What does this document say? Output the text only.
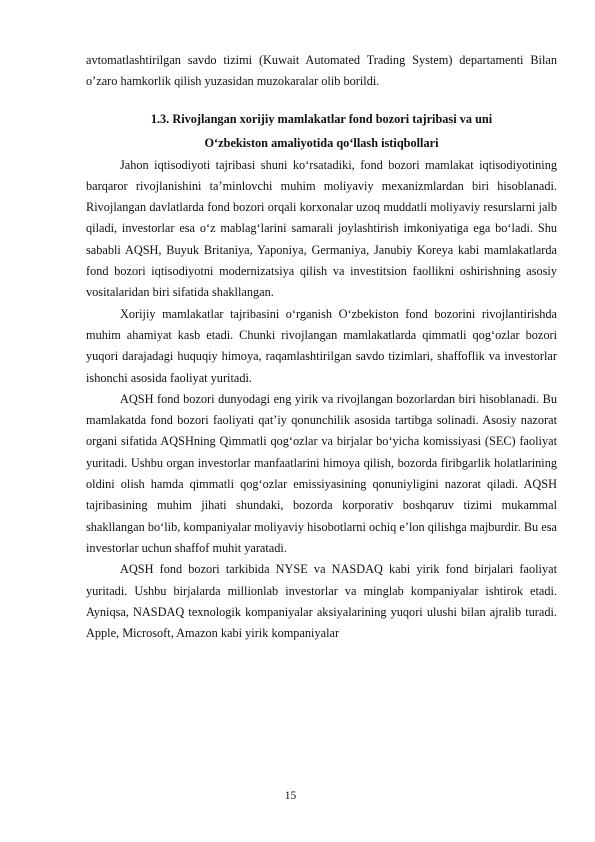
avtomatlashtirilgan savdo tizimi (Kuwait Automated Trading System) departamenti Bilan o’zaro hamkorlik qilish yuzasidan muzokaralar olib borildi.

1.3. Rivojlangan xorijiy mamlakatlar fond bozori tajribasi va uni
O‘zbekiston amaliyotida qo‘llash istiqbollari

Jahon iqtisodiyoti tajribasi shuni ko‘rsatadiki, fond bozori mamlakat iqtisodiyotining barqaror rivojlanishini ta’minlovchi muhim moliyaviy mexanizmlardan biri hisoblanadi. Rivojlangan davlatlarda fond bozori orqali korxonalar uzoq muddatli moliyaviy resurslarni jalb qiladi, investorlar esa o‘z mablag‘larini samarali joylashtirish imkoniyatiga ega bo‘ladi. Shu sababli AQSH, Buyuk Britaniya, Yaponiya, Germaniya, Janubiy Koreya kabi mamlakatlarda fond bozori iqtisodiyotni modernizatsiya qilish va investitsion faollikni oshirishning asosiy vositalaridan biri sifatida shakllangan.

Xorijiy mamlakatlar tajribasini o‘rganish O‘zbekiston fond bozorini rivojlantirishda muhim ahamiyat kasb etadi. Chunki rivojlangan mamlakatlarda qimmatli qog‘ozlar bozori yuqori darajadagi huquqiy himoya, raqamlashtirilgan savdo tizimlari, shaffoflik va investorlar ishonchi asosida faoliyat yuritadi.

AQSH fond bozori dunyodagi eng yirik va rivojlangan bozorlardan biri hisoblanadi. Bu mamlakatda fond bozori faoliyati qat’iy qonunchilik asosida tartibga solinadi. Asosiy nazorat organi sifatida AQSHning Qimmatli qog‘ozlar va birjalar bo‘yicha komissiyasi (SEC) faoliyat yuritadi. Ushbu organ investorlar manfaatlarini himoya qilish, bozorda firibgarlik holatlarining oldini olish hamda qimmatli qog‘ozlar emissiyasining qonuniyligini nazorat qiladi. AQSH tajribasining muhim jihati shundaki, bozorda korporativ boshqaruv tizimi mukammal shakllangan bo‘lib, kompaniyalar moliyaviy hisobotlarni ochiq e’lon qilishga majburdir. Bu esa investorlar uchun shaffof muhit yaratadi.

AQSH fond bozori tarkibida NYSE va NASDAQ kabi yirik fond birjalari faoliyat yuritadi. Ushbu birjalarda millionlab investorlar va minglab kompaniyalar ishtirok etadi. Ayniqsa, NASDAQ texnologik kompaniyalar aksiyalarining yuqori ulushi bilan ajralib turadi. Apple, Microsoft, Amazon kabi yirik kompaniyalar

15
